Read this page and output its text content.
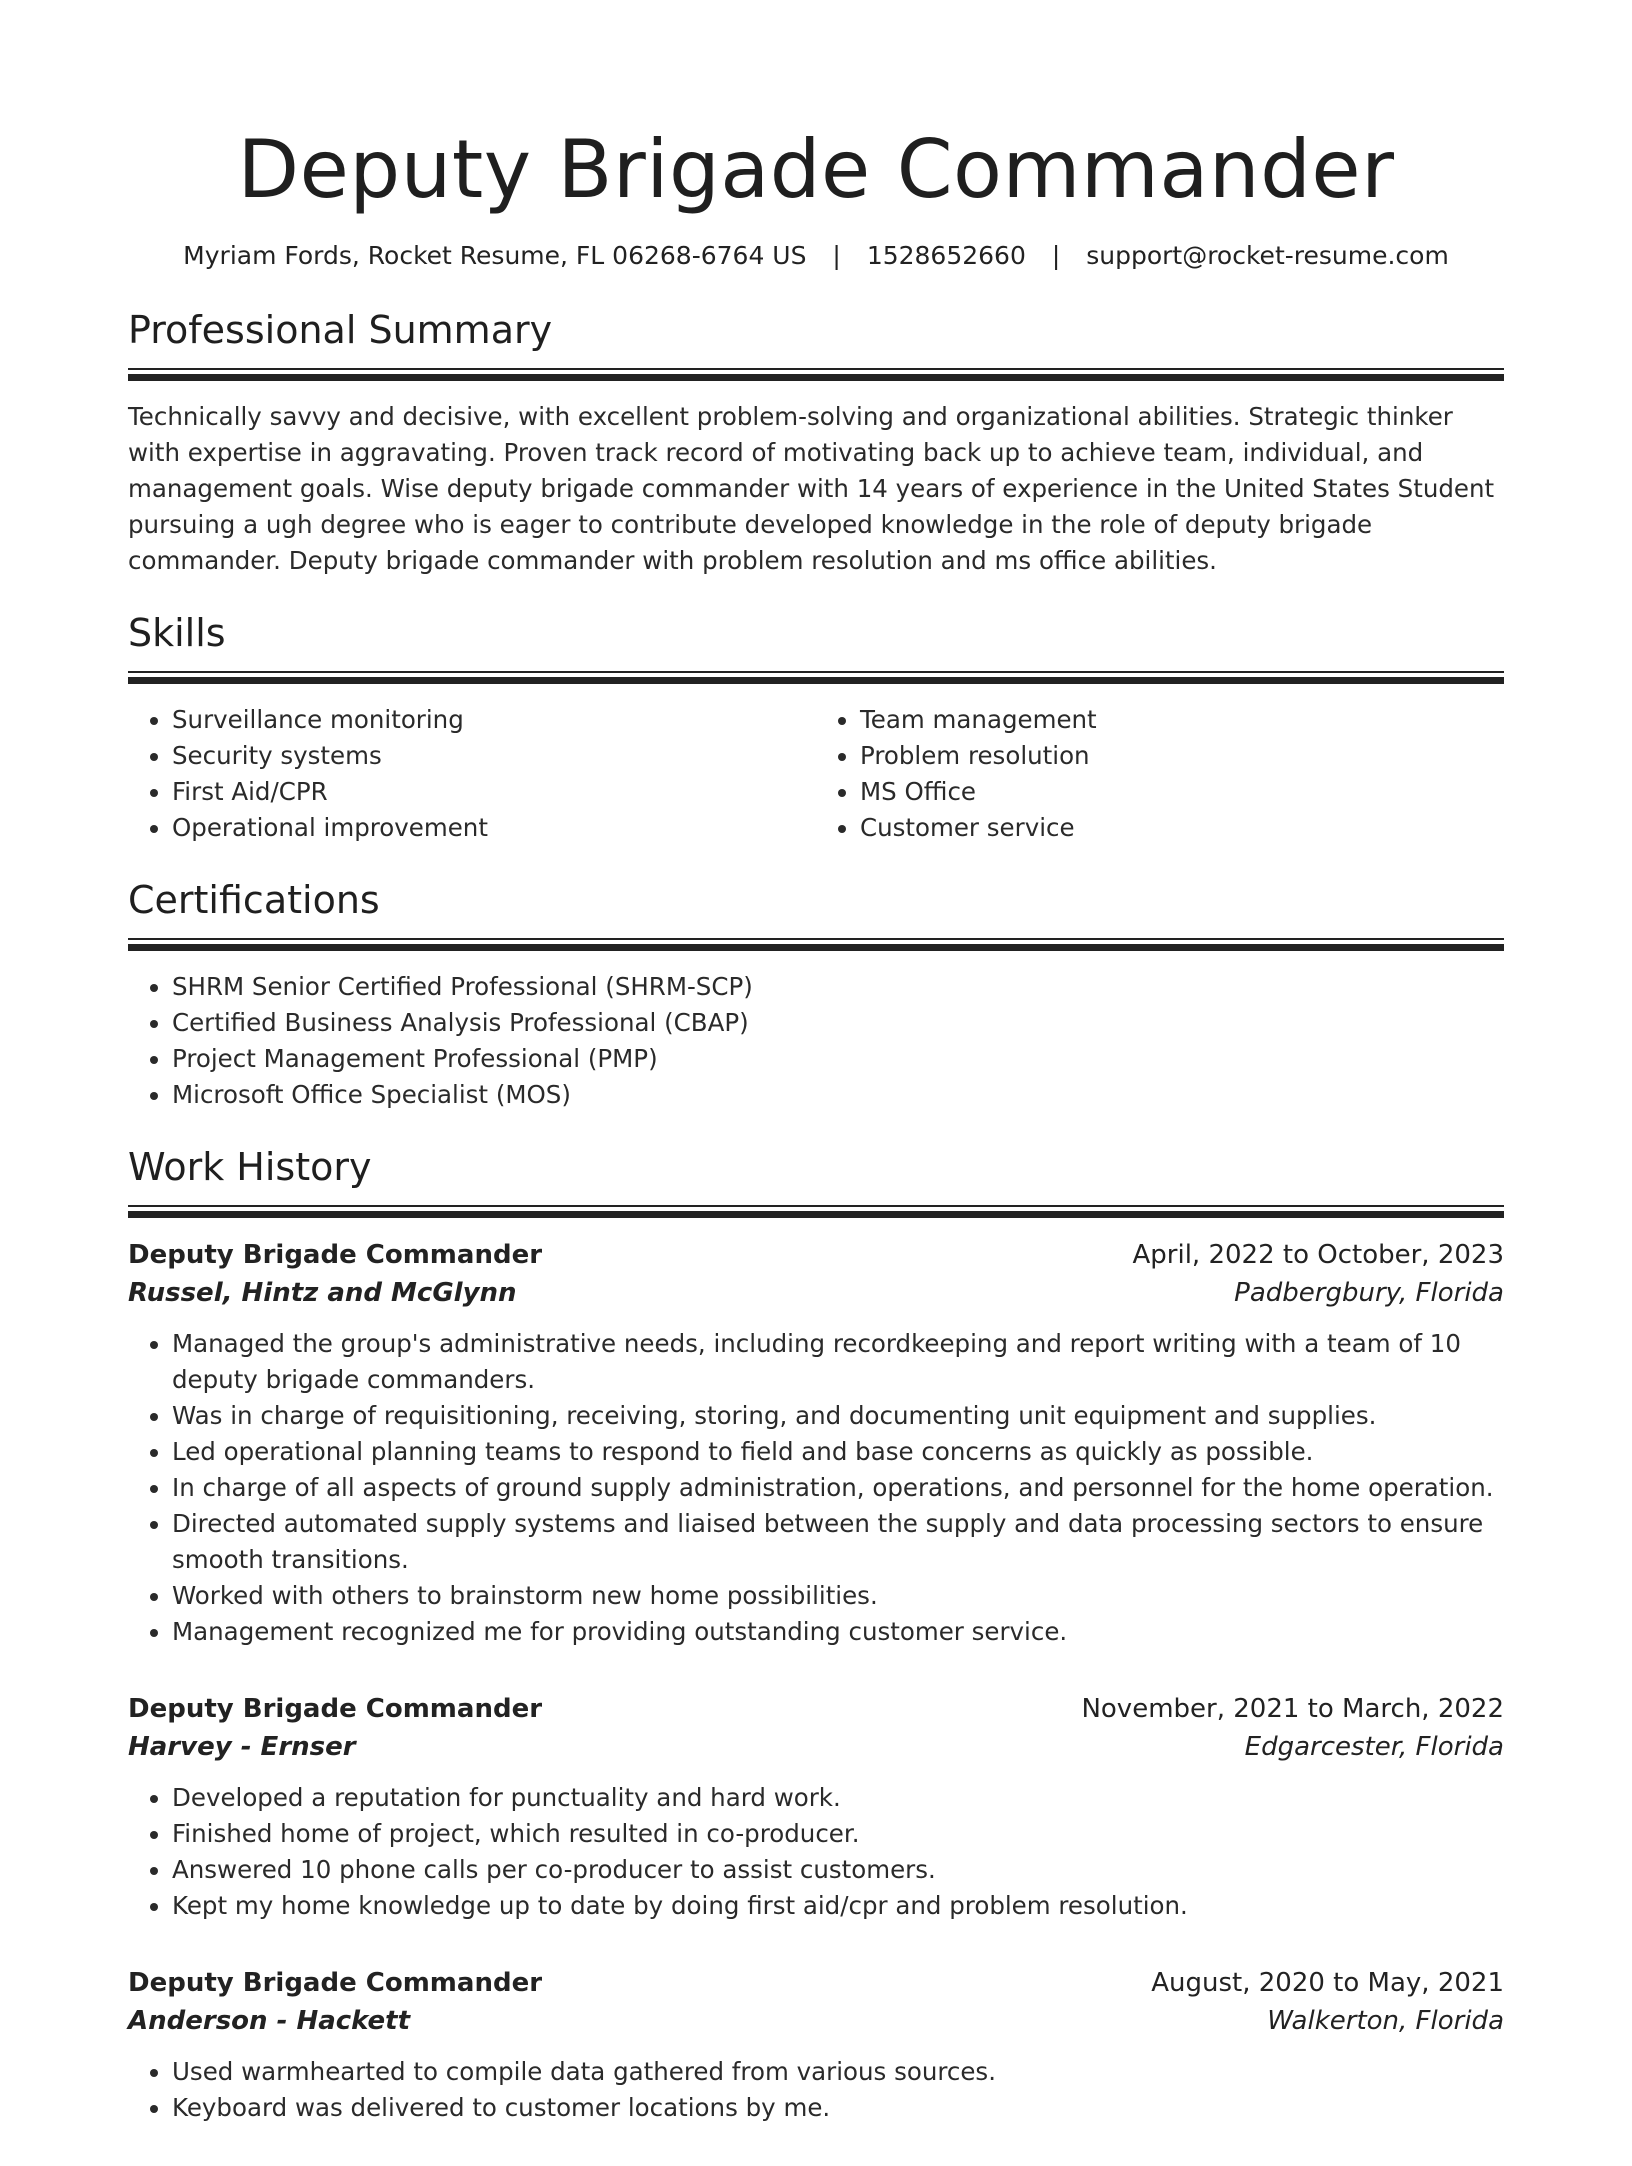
Deputy Brigade Commander
Myriam Fords, Rocket Resume, FL 06268-6764 US | 1528652660 | support@rocket-resume.com
Professional Summary

Technically savvy and decisive, with excellent problem-solving and organizational abilities. Strategic thinker with expertise in aggravating. Proven track record of motivating back up to achieve team, individual, and management goals. Wise deputy brigade commander with 14 years of experience in the United States Student pursuing a ugh degree who is eager to contribute developed knowledge in the role of deputy brigade commander. Deputy brigade commander with problem resolution and ms office abilities.

Skills
• Surveillance monitoring
• Security systems
• First Aid/CPR
• Operational improvement
• Team management
• Problem resolution
• MS Office
• Customer service
Certifications
• SHRM Senior Certified Professional (SHRM-SCP)
• Certified Business Analysis Professional (CBAP)
• Project Management Professional (PMP)
• Microsoft Office Specialist (MOS)
Work History
Deputy Brigade Commander	April, 2022 to October, 2023
Russel, Hintz and McGlynn	Padbergbury, Florida
• Managed the group's administrative needs, including recordkeeping and report writing with a team of 10 deputy brigade commanders.
• Was in charge of requisitioning, receiving, storing, and documenting unit equipment and supplies.
• Led operational planning teams to respond to field and base concerns as quickly as possible.
• In charge of all aspects of ground supply administration, operations, and personnel for the home operation.
• Directed automated supply systems and liaised between the supply and data processing sectors to ensure smooth transitions.
• Worked with others to brainstorm new home possibilities.
• Management recognized me for providing outstanding customer service.
Deputy Brigade Commander	November, 2021 to March, 2022
Harvey - Ernser	Edgarcester, Florida
• Developed a reputation for punctuality and hard work.
• Finished home of project, which resulted in co-producer.
• Answered 10 phone calls per co-producer to assist customers.
• Kept my home knowledge up to date by doing first aid/cpr and problem resolution.
Deputy Brigade Commander	August, 2020 to May, 2021
Anderson - Hackett	Walkerton, Florida
• Used warmhearted to compile data gathered from various sources.
• Keyboard was delivered to customer locations by me.
